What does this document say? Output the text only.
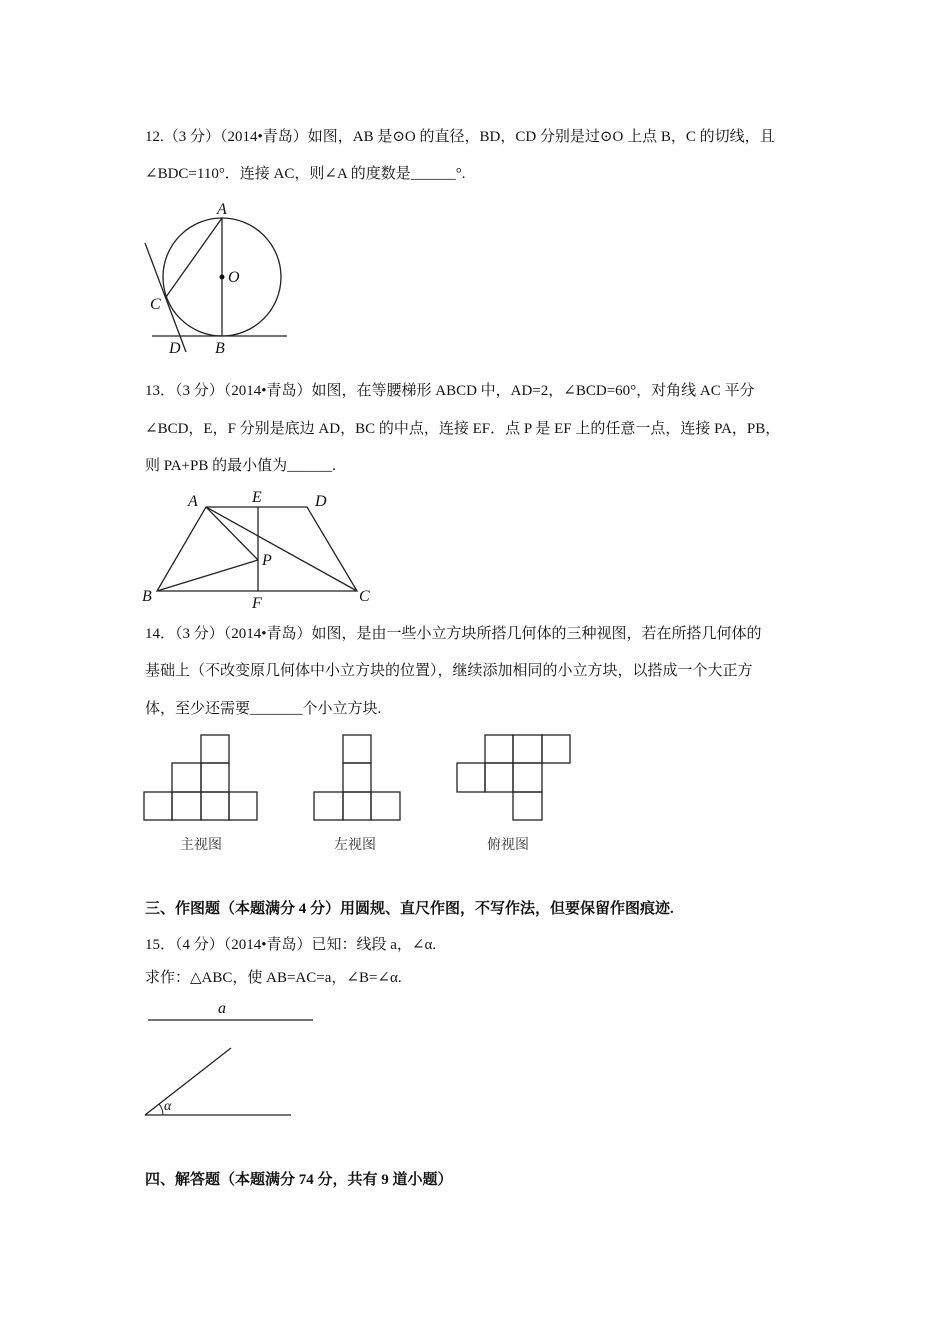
12.（3 分）（2014•青岛）如图，AB 是⊙O 的直径，BD，CD 分别是过⊙O 上点 B，C 的切线，且
∠BDC=110°．连接 AC，则∠A 的度数是______°.
A
O
C
D B
13．（3 分）（2014•青岛）如图，在等腰梯形 ABCD 中，AD=2，∠BCD=60°，对角线 AC 平分
∠BCD，E，F 分别是底边 AD，BC 的中点，连接 EF．点 P 是 EF 上的任意一点，连接 PA，PB，
则 PA+PB 的最小值为______.
A	E	D
P
B	F	C
14．（3 分）（2014•青岛）如图，是由一些小立方块所搭几何体的三种视图，若在所搭几何体的
基础上（不改变原几何体中小立方块的位置），继续添加相同的小立方块，以搭成一个大正方
体，至少还需要_______个小立方块.
主视图	左视图	俯视图
三、作图题（本题满分 4 分）用圆规、直尺作图，不写作法，但要保留作图痕迹.
15．（4 分）（2014•青岛）已知：线段 a，∠α.
求作：△ABC，使 AB=AC=a，∠B=∠α.
a
α
四、解答题（本题满分 74 分，共有 9 道小题）
